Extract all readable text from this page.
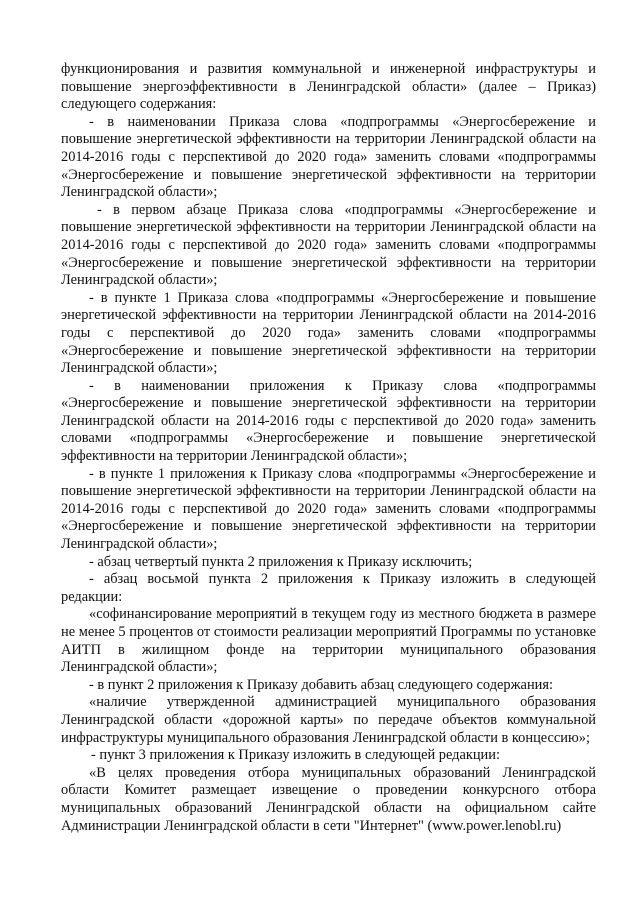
функционирования и развития коммунальной и инженерной инфраструктуры и повышение энергоэффективности в Ленинградской области» (далее – Приказ) следующего содержания:

- в наименовании Приказа слова «подпрограммы «Энергосбережение и повышение энергетической эффективности на территории Ленинградской области на 2014-2016 годы с перспективой до 2020 года» заменить словами «подпрограммы «Энергосбережение и повышение энергетической эффективности на территории Ленинградской области»;

- в первом абзаце Приказа слова «подпрограммы «Энергосбережение и повышение энергетической эффективности на территории Ленинградской области на 2014-2016 годы с перспективой до 2020 года» заменить словами «подпрограммы «Энергосбережение и повышение энергетической эффективности на территории Ленинградской области»;

- в пункте 1 Приказа слова «подпрограммы «Энергосбережение и повышение энергетической эффективности на территории Ленинградской области на 2014-2016 годы с перспективой до 2020 года» заменить словами «подпрограммы «Энергосбережение и повышение энергетической эффективности на территории Ленинградской области»;

- в наименовании приложения к Приказу слова «подпрограммы «Энергосбережение и повышение энергетической эффективности на территории Ленинградской области на 2014-2016 годы с перспективой до 2020 года» заменить словами «подпрограммы «Энергосбережение и повышение энергетической эффективности на территории Ленинградской области»;

- в пункте 1 приложения к Приказу слова «подпрограммы «Энергосбережение и повышение энергетической эффективности на территории Ленинградской области на 2014-2016 годы с перспективой до 2020 года» заменить словами «подпрограммы «Энергосбережение и повышение энергетической эффективности на территории Ленинградской области»;

- абзац четвертый пункта 2 приложения к Приказу исключить;

- абзац восьмой пункта 2 приложения к Приказу изложить в следующей редакции:

«софинансирование мероприятий в текущем году из местного бюджета в размере не менее 5 процентов от стоимости реализации мероприятий Программы по установке АИТП в жилищном фонде на территории муниципального образования Ленинградской области»;

- в пункт 2 приложения к Приказу добавить абзац следующего содержания:

«наличие утвержденной администрацией муниципального образования Ленинградской области «дорожной карты» по передаче объектов коммунальной инфраструктуры муниципального образования Ленинградской области в концессию»;

- пункт 3 приложения к Приказу изложить в следующей редакции:

«В целях проведения отбора муниципальных образований Ленинградской области Комитет размещает извещение о проведении конкурсного отбора муниципальных образований Ленинградской области на официальном сайте Администрации Ленинградской области в сети "Интернет" (www.power.lenobl.ru)
